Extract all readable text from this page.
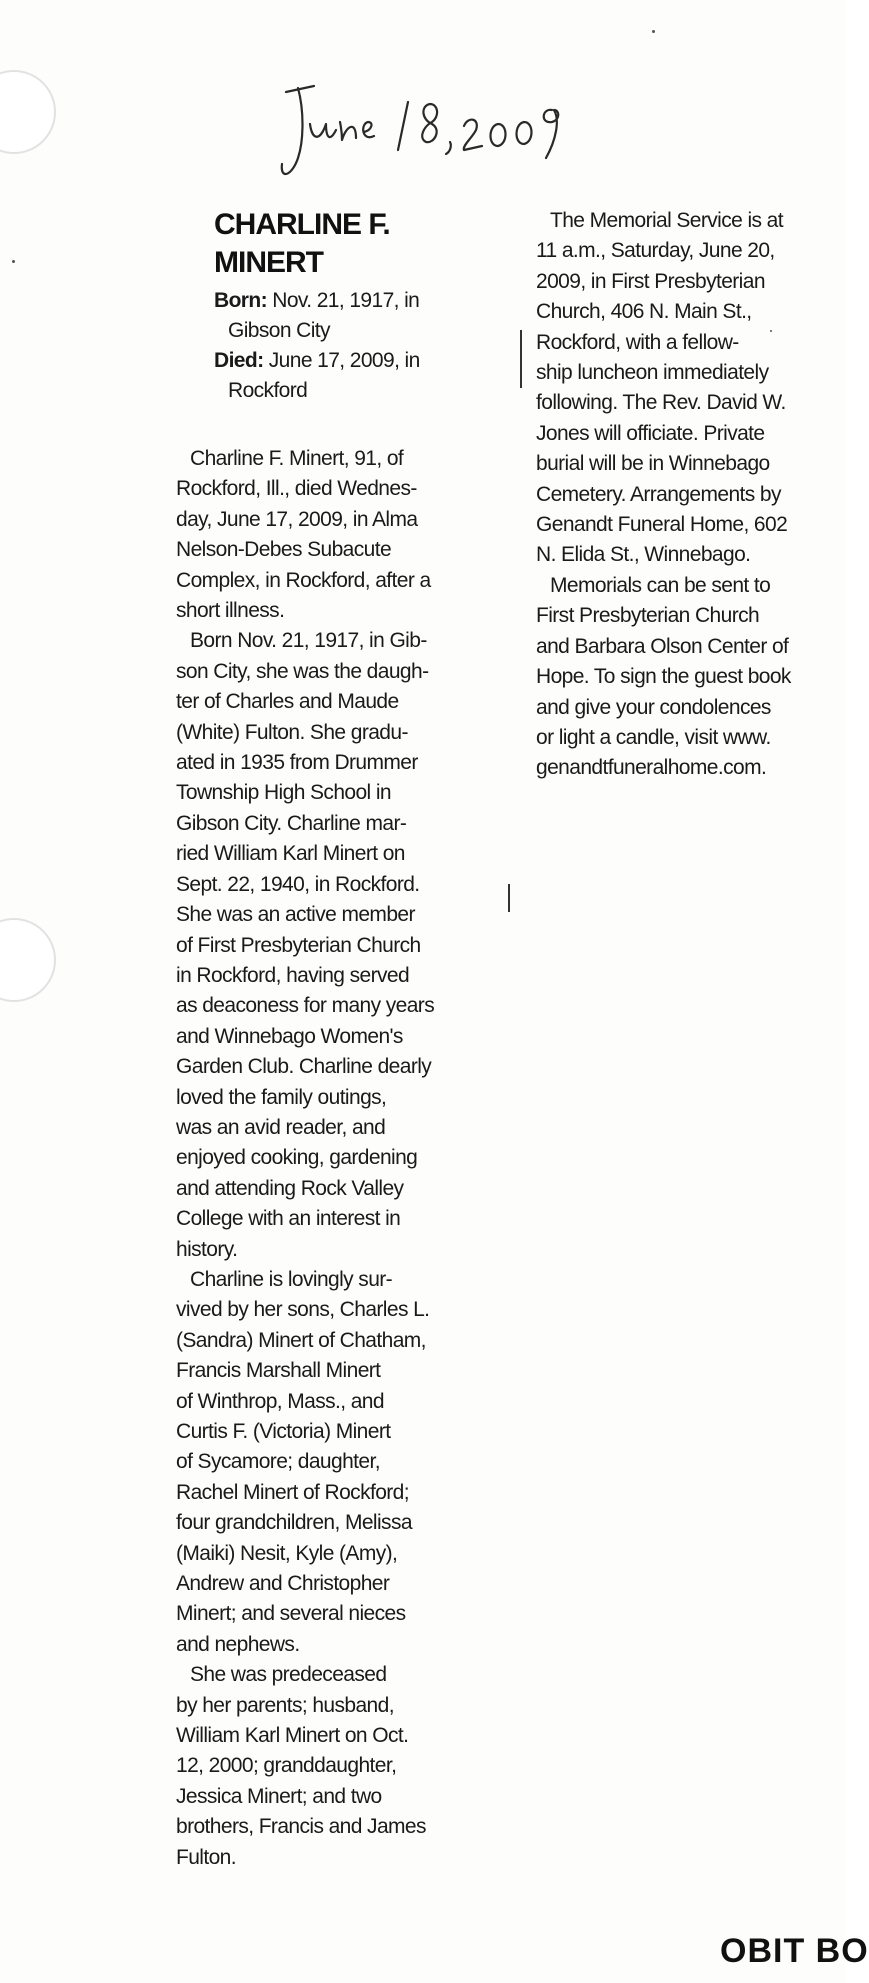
CHARLINE F.
MINERT
Born: Nov. 21, 1917, in
Gibson City
Died: June 17, 2009, in
Rockford
Charline F. Minert, 91, of
Rockford, Ill., died Wednes-
day, June 17, 2009, in Alma
Nelson-Debes Subacute
Complex, in Rockford, after a
short illness.
Born Nov. 21, 1917, in Gib-
son City, she was the daugh-
ter of Charles and Maude
(White) Fulton. She gradu-
ated in 1935 from Drummer
Township High School in
Gibson City. Charline mar-
ried William Karl Minert on
Sept. 22, 1940, in Rockford.
She was an active member
of First Presbyterian Church
in Rockford, having served
as deaconess for many years
and Winnebago Women's
Garden Club. Charline dearly
loved the family outings,
was an avid reader, and
enjoyed cooking, gardening
and attending Rock Valley
College with an interest in
history.
Charline is lovingly sur-
vived by her sons, Charles L.
(Sandra) Minert of Chatham,
Francis Marshall Minert
of Winthrop, Mass., and
Curtis F. (Victoria) Minert
of Sycamore; daughter,
Rachel Minert of Rockford;
four grandchildren, Melissa
(Maiki) Nesit, Kyle (Amy),
Andrew and Christopher
Minert; and several nieces
and nephews.
She was predeceased
by her parents; husband,
William Karl Minert on Oct.
12, 2000; granddaughter,
Jessica Minert; and two
brothers, Francis and James
Fulton.
The Memorial Service is at
11 a.m., Saturday, June 20,
2009, in First Presbyterian
Church, 406 N. Main St.,
Rockford, with a fellow-
ship luncheon immediately
following. The Rev. David W.
Jones will officiate. Private
burial will be in Winnebago
Cemetery. Arrangements by
Genandt Funeral Home, 602
N. Elida St., Winnebago.
Memorials can be sent to
First Presbyterian Church
and Barbara Olson Center of
Hope. To sign the guest book
and give your condolences
or light a candle, visit www.
genandtfuneralhome.com.
OBIT BO
